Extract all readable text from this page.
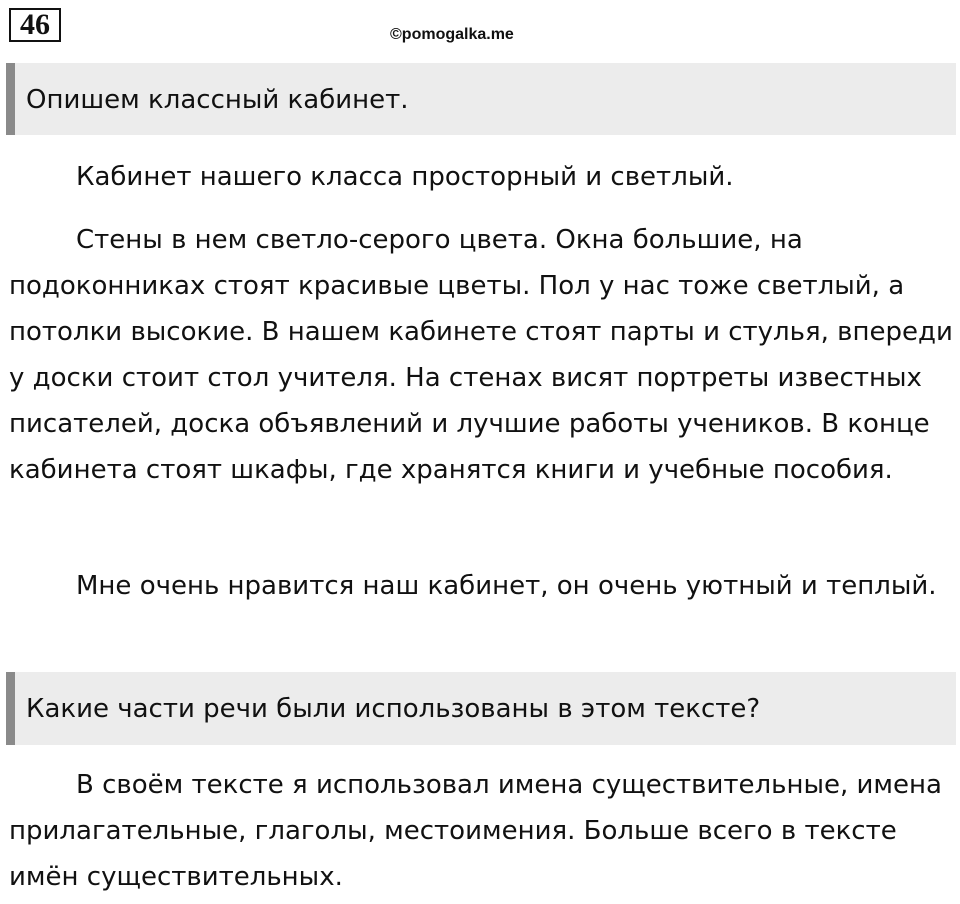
46	©pomogalka.me
Опишем классный кабинет.

Кабинет нашего класса просторный и светлый.

Стены в нем светло-серого цвета. Окна большие, на подоконниках стоят красивые цветы. Пол у нас тоже светлый, а потолки высокие. В нашем кабинете стоят парты и стулья, впереди у доски стоит стол учителя. На стенах висят портреты известных писателей, доска объявлений и лучшие работы учеников. В конце кабинета стоят шкафы, где хранятся книги и учебные пособия.

Мне очень нравится наш кабинет, он очень уютный и теплый.

Какие части речи были использованы в этом тексте?

В своём тексте я использовал имена существительные, имена прилагательные, глаголы, местоимения. Больше всего в тексте имён существительных.
